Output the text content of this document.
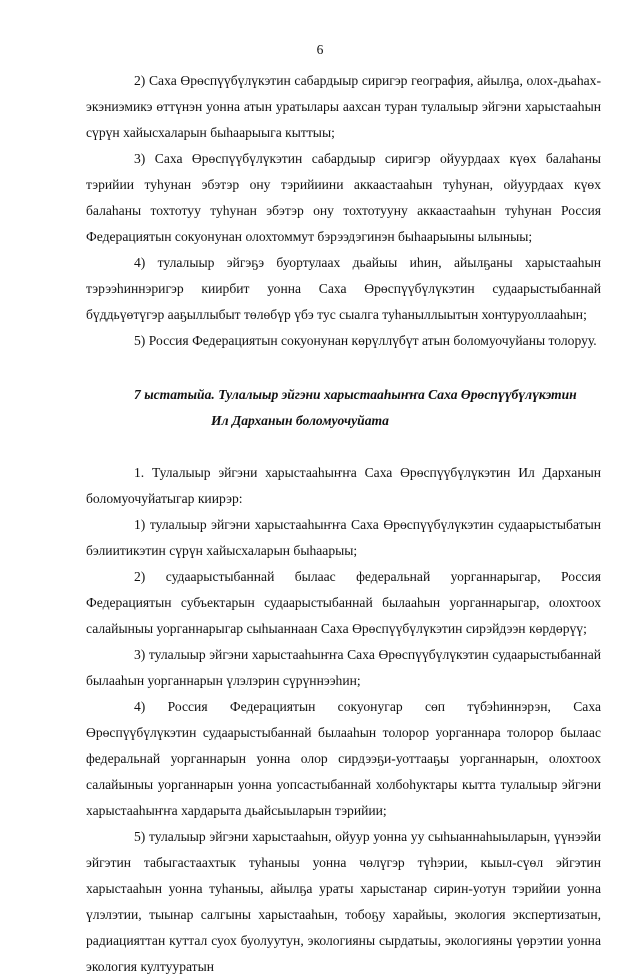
6

2) Саха Өрөспүүбүлүкэтин сабардыыр сиригэр география, айылҕа, олох-дьаһах-экэниэмикэ өттүнэн уонна атын уратылары аахсан туран тулалыыр эйгэни харыстааһын сүрүн хайысхаларын быһаарыыга кыттыы;

3) Саха Өрөспүүбүлүкэтин сабардыыр сиригэр ойуурдаах күөх балаһаны тэрийии туһунан эбэтэр ону тэрийиини аккаастааһын туһунан, ойуурдаах күөх балаһаны тохтотуу туһунан эбэтэр ону тохтотууну аккаастааһын туһунан Россия Федерациятын сокуонунан олохтоммут бэрээдэгинэн быһаарыыны ылыныы;

4) тулалыыр эйгэҕэ буортулаах дьайыы иһин, айылҕаны харыстааһын тэрээһиннэригэр киирбит уонна Саха Өрөспүүбүлүкэтин судаарыстыбаннай бүддьүөтүгэр ааҕыллыбыт төлөбүр үбэ тус сыалга туһаныллыытын хонтуруоллааһын;

5) Россия Федерациятын сокуонунан көрүллүбүт атын боломуочуйаны толоруу.

7 ыстатыйа. Тулалыыр эйгэни харыстааһыҥҥа Саха Өрөспүүбүлүкэтин
Ил Дарханын боломуочуйата

1. Тулалыыр эйгэни харыстааһыҥҥа Саха Өрөспүүбүлүкэтин Ил Дарханын боломуочуйатыгар киирэр:

1) тулалыыр эйгэни харыстааһыҥҥа Саха Өрөспүүбүлүкэтин судаарыстыбатын бэлиитикэтин сүрүн хайысхаларын быһаарыы;

2) судаарыстыбаннай былаас федеральнай уорганнарыгар, Россия Федерациятын субъектарын судаарыстыбаннай былааһын уорганнарыгар, олохтоох салайыныы уорганнарыгар сыһыаннаан Саха Өрөспүүбүлүкэтин сирэйдээн көрдөрүү;

3) тулалыыр эйгэни харыстааһыҥҥа Саха Өрөспүүбүлүкэтин судаарыстыбаннай былааһын уорганнарын үлэлэрин сүрүннээһин;

4) Россия Федерациятын сокуонугар сөп түбэһиннэрэн, Саха Өрөспүүбүлүкэтин судаарыстыбаннай былааһын толорор уорганнара толорор былаас федеральнай уорганнарын уонна олор сирдээҕи-уоттааҕы уорганнарын, олохтоох салайыныы уорганнарын уонна уопсастыбаннай холбоһуктары кытта тулалыыр эйгэни харыстааһыҥҥа хардарыта дьайсыыларын тэрийии;

5) тулалыыр эйгэни харыстааһын, ойуур уонна уу сыһыаннаһыыларын, үүнээйи эйгэтин табыгастаахтык туһаныы уонна чөлүгэр түһэрии, кыыл-сүөл эйгэтин харыстааһын уонна туһаныы, айылҕа ураты харыстанар сирин-уотун тэрийии уонна үлэлэтии, тыынар салгыны харыстааһын, тобоҕу харайыы, экология экспертизатын, радиацияттан куттал суох буолуутун, экологияны сырдатыы, экологияны үөрэтии уонна экология култууратын
